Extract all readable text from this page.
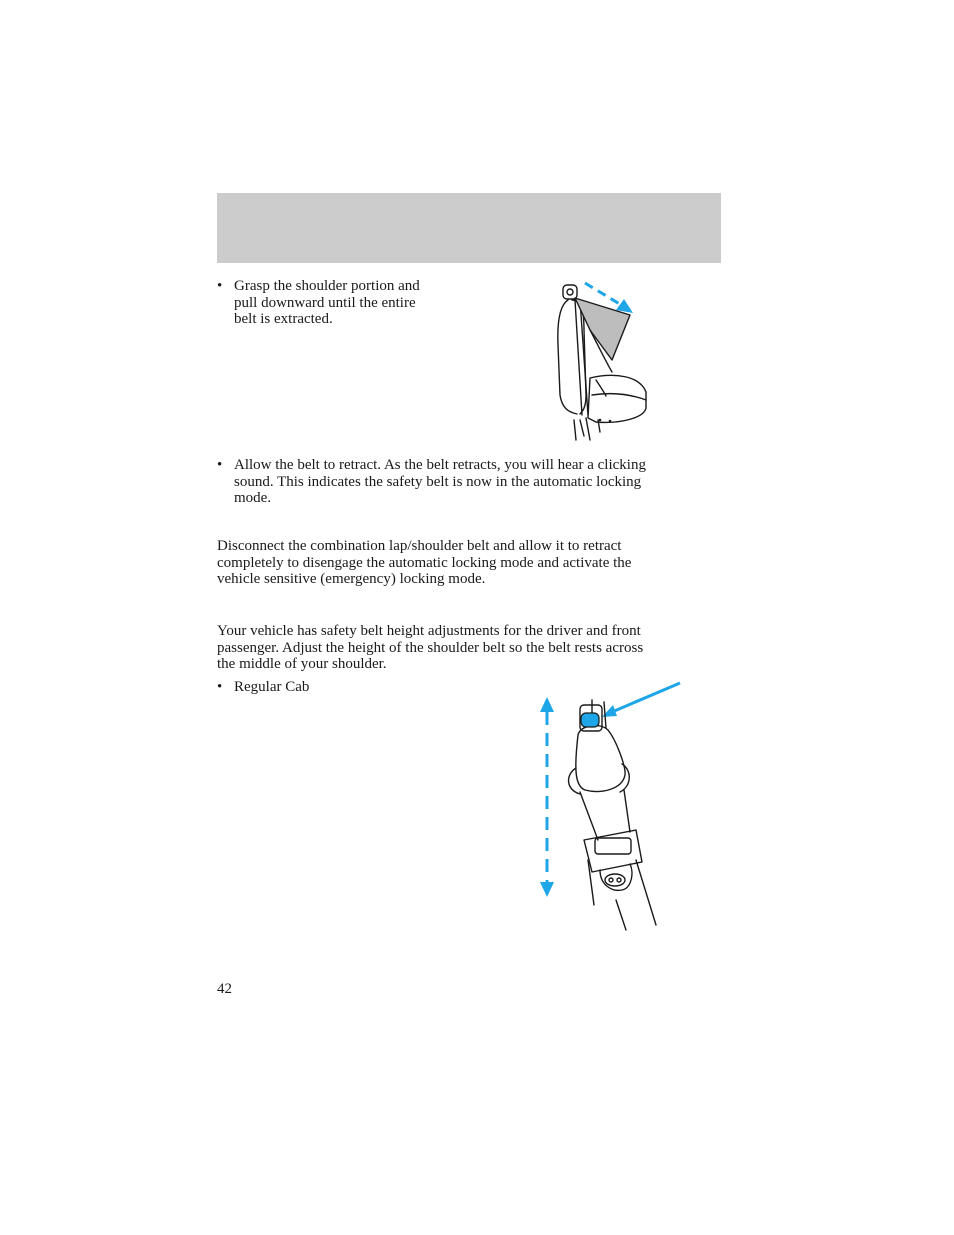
• Grasp the shoulder portion and
pull downward until the entire
belt is extracted.
• Allow the belt to retract. As the belt retracts, you will hear a clicking
sound. This indicates the safety belt is now in the automatic locking
mode.

Disconnect the combination lap/shoulder belt and allow it to retract
completely to disengage the automatic locking mode and activate the
vehicle sensitive (emergency) locking mode.

Your vehicle has safety belt height adjustments for the driver and front
passenger. Adjust the height of the shoulder belt so the belt rests across
the middle of your shoulder.

• Regular Cab
42
